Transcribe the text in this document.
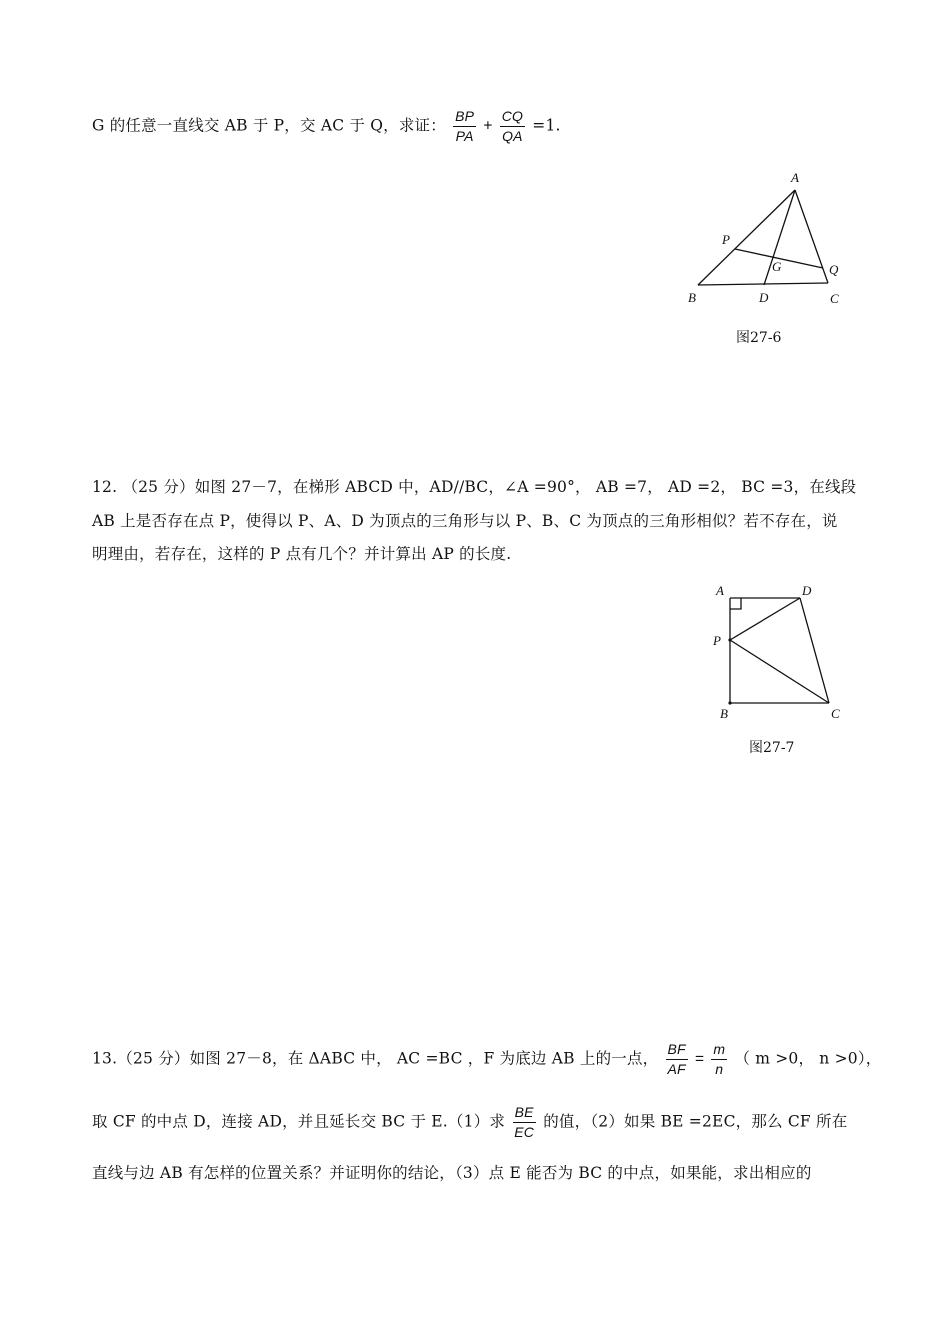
G 的任意一直线交 AB 于 P，交 AC 于 Q，求证： $\frac{BP}{PA} + \frac{CQ}{QA} =1$.
A
P
G	Q
B	D	C
图27-6
12. （25 分）如图 27－7，在梯形 ABCD 中，AD//BC，∠A =90°， AB =7， AD =2， BC =3，在线段
AB 上是否存在点 P，使得以 P、A、D 为顶点的三角形与以 P、B、C 为顶点的三角形相似？若不存在，说
明理由，若存在，这样的 P 点有几个？并计算出 AP 的长度.
A	D
P
B	C
图27-7
13.（25 分）如图 27－8，在 ΔABC 中， AC =BC ，F 为底边 AB 上的一点， $\frac{BF}{AF} = \frac{m}{n}$ （ m >0， n >0），
取 CF 的中点 D，连接 AD，并且延长交 BC 于 E.（1）求 $\frac{BE}{EC}$ 的值，（2）如果 BE =2EC，那么 CF 所在
直线与边 AB 有怎样的位置关系？并证明你的结论，（3）点 E 能否为 BC 的中点，如果能，求出相应的
